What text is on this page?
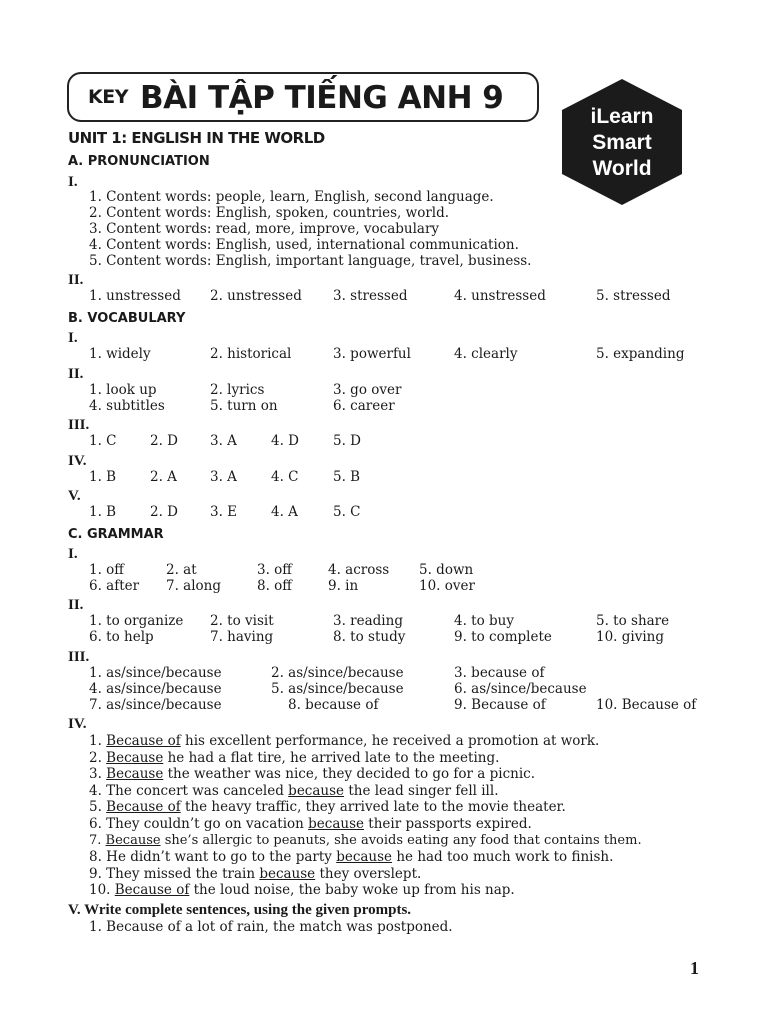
KEY BÀI TẬP TIẾNG ANH 9
iLearn
Smart
World
UNIT 1: ENGLISH IN THE WORLD
A. PRONUNCIATION
I.
1. Content words: people, learn, English, second language.
2. Content words: English, spoken, countries, world.
3. Content words: read, more, improve, vocabulary
4. Content words: English, used, international communication.
5. Content words: English, important language, travel, business.
II.
1. unstressed 2. unstressed 3. stressed	4. unstressed	5. stressed
B. VOCABULARY
I.
1. widely	2. historical	3. powerful	4. clearly	5. expanding
II.
1. look up	2. lyrics	3. go over
4. subtitles	5. turn on	6. career
III.
1. C 2. D 3. A	4. D	5. D
IV.
1. B	2. A 3. A	4. C	5. B
V.
1. B	2. D 3. E	4. A	5. C
C. GRAMMAR
I.
1. off	2. at	3. off	4. across 5. down
6. after 7. along	8. off	9. in	10. over
II.
1. to organize 2. to visit	3. reading	4. to buy	5. to share
6. to help	7. having	8. to study	9. to complete	10. giving
III.
1. as/since/because	2. as/since/because	3. because of
4. as/since/because	5. as/since/because	6. as/since/because
7. as/since/because	8. because of	9. Because of	10. Because of
IV.
1. Because of his excellent performance, he received a promotion at work.
2. Because he had a flat tire, he arrived late to the meeting.
3. Because the weather was nice, they decided to go for a picnic.
4. The concert was canceled because the lead singer fell ill.
5. Because of the heavy traffic, they arrived late to the movie theater.
6. They couldn’t go on vacation because their passports expired.
7. Because she’s allergic to peanuts, she avoids eating any food that contains them.
8. He didn’t want to go to the party because he had too much work to finish.
9. They missed the train because they overslept.
10. Because of the loud noise, the baby woke up from his nap.
V. Write complete sentences, using the given prompts.
1. Because of a lot of rain, the match was postponed.
1
